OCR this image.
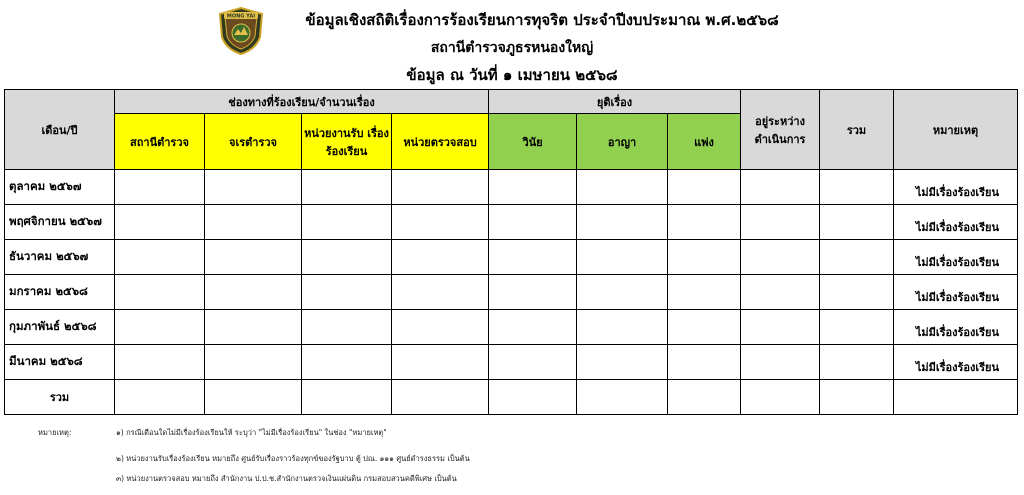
MONG YAI	ข้อมูลเชิงสถิติเรื่องการร้องเรียนการทุจริต ประจำปีงบประมาณ พ.ศ.๒๕๖๘
สถานีตำรวจภูธรหนองใหญ่
ข้อมูล ณ วันที่ ๑ เมษายน ๒๕๖๘
เดือน/ปี	ช่องทางที่ร้องเรียน/จำนวนเรื่อง				ยุติเรื่อง			อยู่ระหว่าง ดำเนินการ	รวม	หมายเหตุ
	สถานีตำรวจ	จเรตำรวจ	หน่วยงานรับ เรื่องร้องเรียน	หน่วยตรวจสอบ	วินัย	อาญา	แพ่ง			
ตุลาคม ๒๕๖๗										ไม่มีเรื่องร้องเรียน
พฤศจิกายน ๒๕๖๗										ไม่มีเรื่องร้องเรียน
ธันวาคม ๒๕๖๗										ไม่มีเรื่องร้องเรียน
มกราคม ๒๕๖๘										ไม่มีเรื่องร้องเรียน
กุมภาพันธ์ ๒๕๖๘										ไม่มีเรื่องร้องเรียน
มีนาคม ๒๕๖๘										ไม่มีเรื่องร้องเรียน
รวม										
หมายเหตุ:	๑) กรณีเดือนใดไม่มีเรื่องร้องเรียนให้ ระบุว่า "ไม่มีเรื่องร้องเรียน" ในช่อง "หมายเหตุ"
๒) หน่วยงานรับเรื่องร้องเรียน หมายถึง ศูนย์รับเรื่องราวร้องทุกข์ของรัฐบาบ ตู้ ปณ. ๑๑๑ ศูนย์ดำรงธรรม เป็นต้น
๓) หน่วยงานตรวจสอบ หมายถึง สำนักงาน ป.ป.ช.สำนักงานตรวจเงินแผ่นดิน กรมสอบสวนคดีพิเศษ เป็นต้น
